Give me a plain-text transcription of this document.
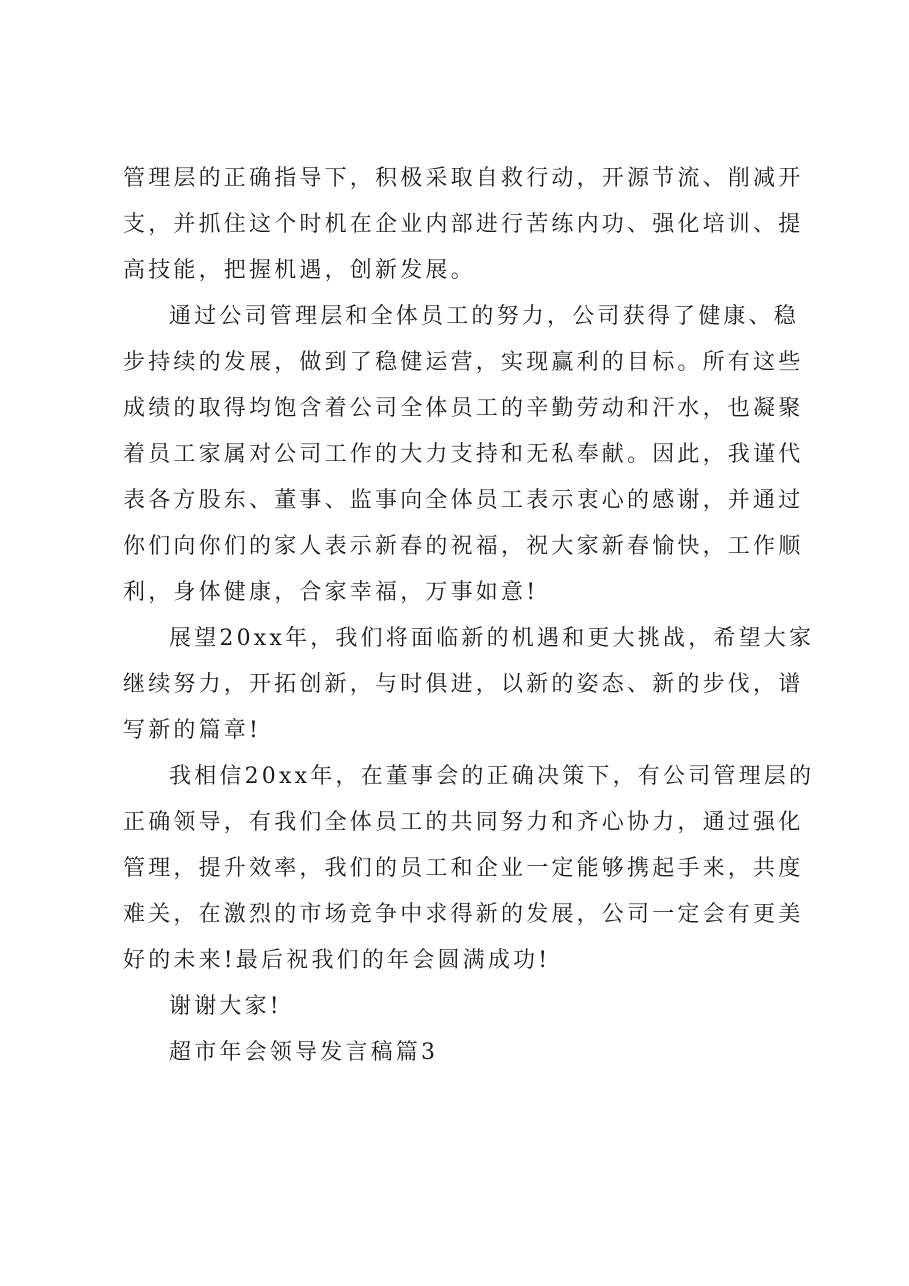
管理层的正确指导下，积极采取自救行动，开源节流、削减开
支，并抓住这个时机在企业内部进行苦练内功、强化培训、提
高技能，把握机遇，创新发展。

通过公司管理层和全体员工的努力，公司获得了健康、稳
步持续的发展，做到了稳健运营，实现赢利的目标。所有这些
成绩的取得均饱含着公司全体员工的辛勤劳动和汗水，也凝聚
着员工家属对公司工作的大力支持和无私奉献。因此，我谨代
表各方股东、董事、监事向全体员工表示衷心的感谢，并通过
你们向你们的家人表示新春的祝福，祝大家新春愉快，工作顺
利，身体健康，合家幸福，万事如意!

展望20xx年，我们将面临新的机遇和更大挑战，希望大家
继续努力，开拓创新，与时俱进，以新的姿态、新的步伐，谱
写新的篇章!

我相信20xx年，在董事会的正确决策下，有公司管理层的
正确领导，有我们全体员工的共同努力和齐心协力，通过强化
管理，提升效率，我们的员工和企业一定能够携起手来，共度
难关，在激烈的市场竞争中求得新的发展，公司一定会有更美
好的未来!最后祝我们的年会圆满成功!

谢谢大家!

超市年会领导发言稿篇3
